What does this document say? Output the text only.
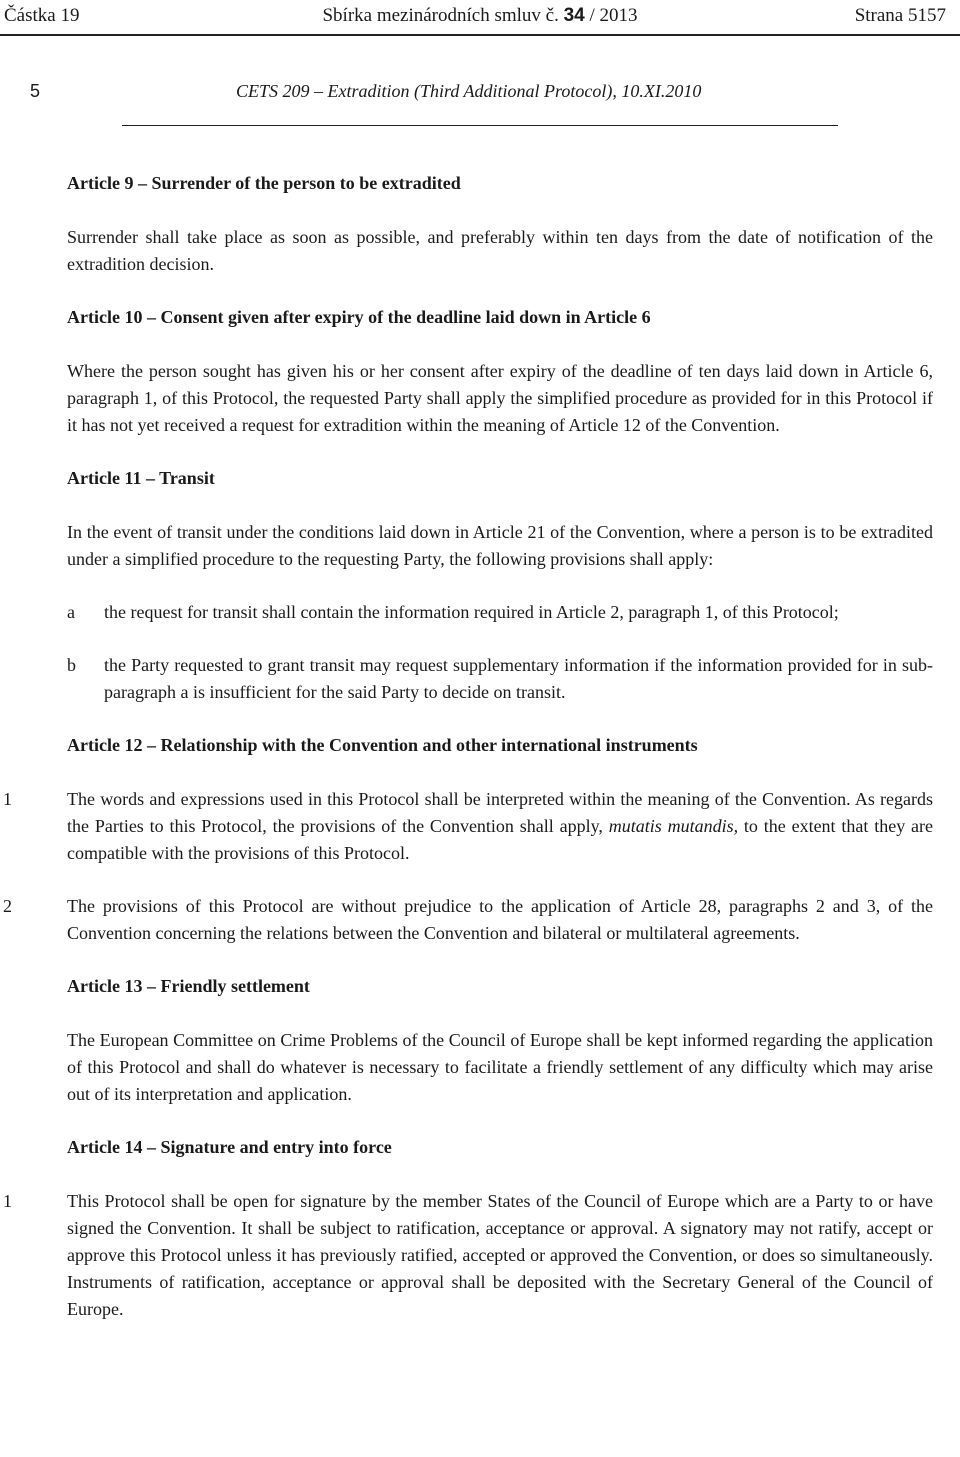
Částka 19	Sbírka mezinárodních smluv č. 34 / 2013	Strana 5157
5	CETS 209 – Extradition (Third Additional Protocol), 10.XI.2010
Article 9 – Surrender of the person to be extradited

Surrender shall take place as soon as possible, and preferably within ten days from the date of notification of the extradition decision.

Article 10 – Consent given after expiry of the deadline laid down in Article 6

Where the person sought has given his or her consent after expiry of the deadline of ten days laid down in Article 6, paragraph 1, of this Protocol, the requested Party shall apply the simplified procedure as provided for in this Protocol if it has not yet received a request for extradition within the meaning of Article 12 of the Convention.

Article 11 – Transit

In the event of transit under the conditions laid down in Article 21 of the Convention, where a person is to be extradited under a simplified procedure to the requesting Party, the following provisions shall apply:

a	the request for transit shall contain the information required in Article 2, paragraph 1, of this Protocol;
b	the Party requested to grant transit may request supplementary information if the information provided for in sub-paragraph a is insufficient for the said Party to decide on transit.
Article 12 – Relationship with the Convention and other international instruments
1	The words and expressions used in this Protocol shall be interpreted within the meaning of the Convention. As regards the Parties to this Protocol, the provisions of the Convention shall apply, mutatis mutandis, to the extent that they are compatible with the provisions of this Protocol.
2	The provisions of this Protocol are without prejudice to the application of Article 28, paragraphs 2 and 3, of the Convention concerning the relations between the Convention and bilateral or multilateral agreements.
Article 13 – Friendly settlement

The European Committee on Crime Problems of the Council of Europe shall be kept informed regarding the application of this Protocol and shall do whatever is necessary to facilitate a friendly settlement of any difficulty which may arise out of its interpretation and application.

Article 14 – Signature and entry into force
1	This Protocol shall be open for signature by the member States of the Council of Europe which are a Party to or have signed the Convention. It shall be subject to ratification, acceptance or approval. A signatory may not ratify, accept or approve this Protocol unless it has previously ratified, accepted or approved the Convention, or does so simultaneously. Instruments of ratification, acceptance or approval shall be deposited with the Secretary General of the Council of Europe.
